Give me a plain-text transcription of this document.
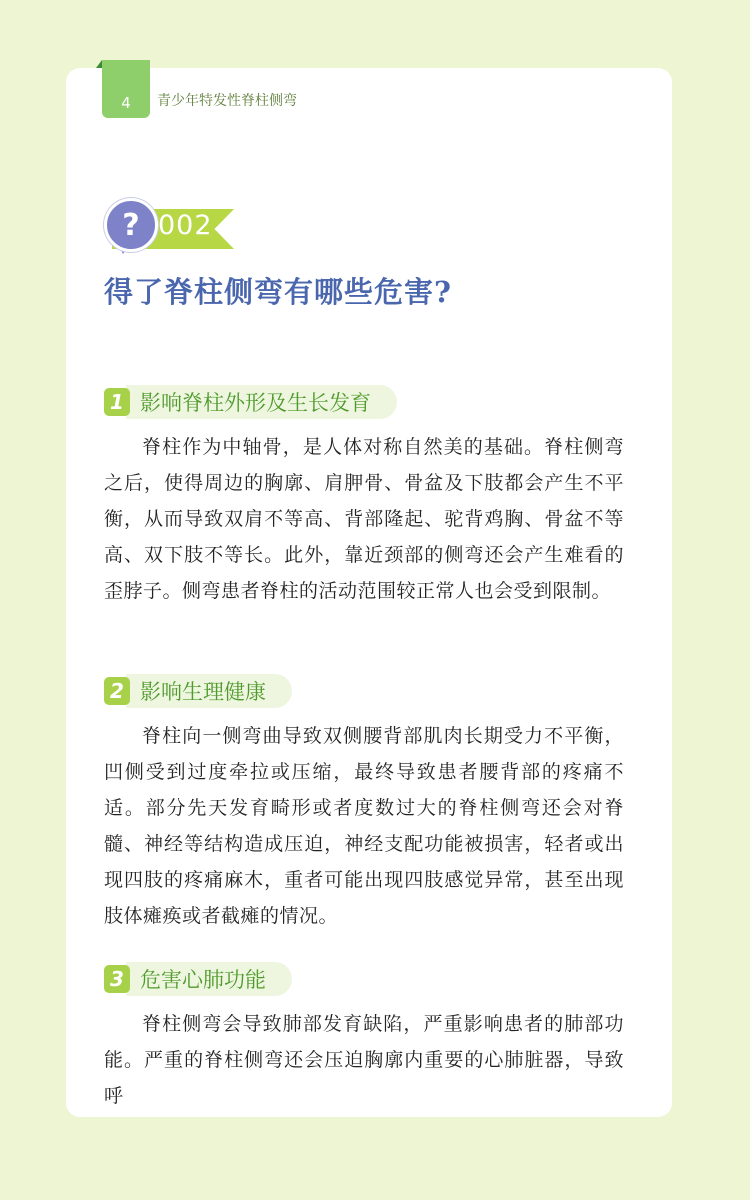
4 青少年特发性脊柱侧弯
? 002
得了脊柱侧弯有哪些危害?
1 影响脊柱外形及生长发育

脊柱作为中轴骨，是人体对称自然美的基础。脊柱侧弯之后，使得周边的胸廓、肩胛骨、骨盆及下肢都会产生不平衡，从而导致双肩不等高、背部隆起、驼背鸡胸、骨盆不等高、双下肢不等长。此外，靠近颈部的侧弯还会产生难看的歪脖子。侧弯患者脊柱的活动范围较正常人也会受到限制。

2 影响生理健康

脊柱向一侧弯曲导致双侧腰背部肌肉长期受力不平衡，凹侧受到过度牵拉或压缩，最终导致患者腰背部的疼痛不适。部分先天发育畸形或者度数过大的脊柱侧弯还会对脊髓、神经等结构造成压迫，神经支配功能被损害，轻者或出现四肢的疼痛麻木，重者可能出现四肢感觉异常，甚至出现肢体瘫痪或者截瘫的情况。

3 危害心肺功能

脊柱侧弯会导致肺部发育缺陷，严重影响患者的肺部功能。严重的脊柱侧弯还会压迫胸廓内重要的心肺脏器，导致呼
